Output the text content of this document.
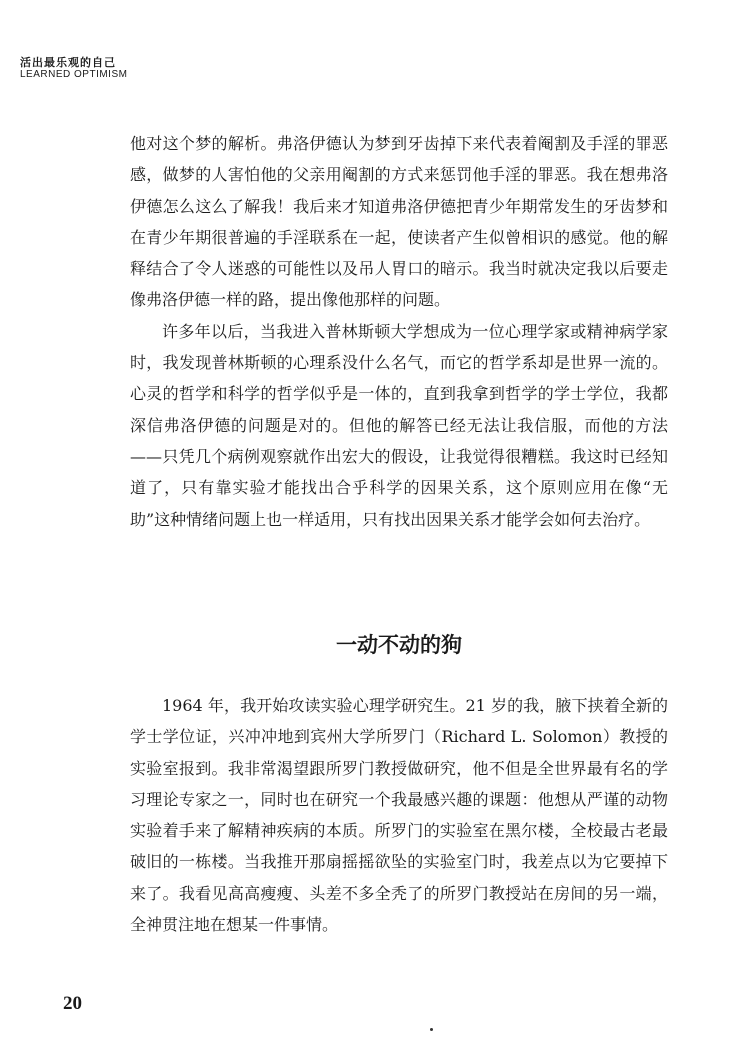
活出最乐观的自己
LEARNED OPTIMISM

他对这个梦的解析。弗洛伊德认为梦到牙齿掉下来代表着阉割及手淫的罪恶感，做梦的人害怕他的父亲用阉割的方式来惩罚他手淫的罪恶。我在想弗洛伊德怎么这么了解我！我后来才知道弗洛伊德把青少年期常发生的牙齿梦和在青少年期很普遍的手淫联系在一起，使读者产生似曾相识的感觉。他的解释结合了令人迷惑的可能性以及吊人胃口的暗示。我当时就决定我以后要走像弗洛伊德一样的路，提出像他那样的问题。

许多年以后，当我进入普林斯顿大学想成为一位心理学家或精神病学家时，我发现普林斯顿的心理系没什么名气，而它的哲学系却是世界一流的。心灵的哲学和科学的哲学似乎是一体的，直到我拿到哲学的学士学位，我都深信弗洛伊德的问题是对的。但他的解答已经无法让我信服，而他的方法——只凭几个病例观察就作出宏大的假设，让我觉得很糟糕。我这时已经知道了，只有靠实验才能找出合乎科学的因果关系，这个原则应用在像“无助”这种情绪问题上也一样适用，只有找出因果关系才能学会如何去治疗。

一动不动的狗

1964 年，我开始攻读实验心理学研究生。21 岁的我，腋下挟着全新的学士学位证，兴冲冲地到宾州大学所罗门（Richard L. Solomon）教授的实验室报到。我非常渴望跟所罗门教授做研究，他不但是全世界最有名的学习理论专家之一，同时也在研究一个我最感兴趣的课题：他想从严谨的动物实验着手来了解精神疾病的本质。所罗门的实验室在黑尔楼，全校最古老最破旧的一栋楼。当我推开那扇摇摇欲坠的实验室门时，我差点以为它要掉下来了。我看见高高瘦瘦、头差不多全秃了的所罗门教授站在房间的另一端，全神贯注地在想某一件事情。

20
